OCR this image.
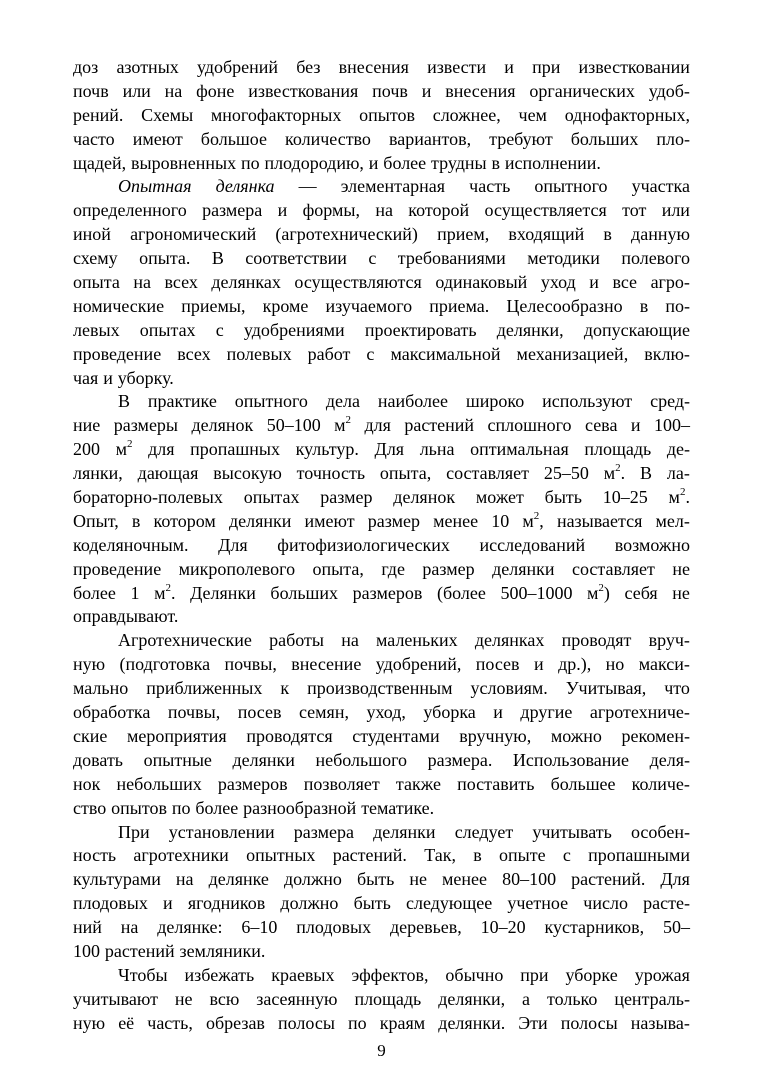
доз азотных удобрений без внесения извести и при известковании
почв или на фоне известкования почв и внесения органических удоб-
рений. Схемы многофакторных опытов сложнее, чем однофакторных,
часто имеют большое количество вариантов, требуют больших пло-
щадей, выровненных по плодородию, и более трудны в исполнении.
Опытная делянка — элементарная часть опытного участка
определенного размера и формы, на которой осуществляется тот или
иной агрономический (агротехнический) прием, входящий в данную
схему опыта. В соответствии с требованиями методики полевого
опыта на всех делянках осуществляются одинаковый уход и все агро-
номические приемы, кроме изучаемого приема. Целесообразно в по-
левых опытах с удобрениями проектировать делянки, допускающие
проведение всех полевых работ с максимальной механизацией, вклю-
чая и уборку.
В практике опытного дела наиболее широко используют сред-
ние размеры делянок 50–100 $м^2$ для растений сплошного сева и 100–
200 $м^2$ для пропашных культур. Для льна оптимальная площадь де-
лянки, дающая высокую точность опыта, составляет 25–50 $м^2$. В ла-
бораторно-полевых опытах размер делянок может быть 10–25 $м^2$.
Опыт, в котором делянки имеют размер менее 10 $м^2$, называется мел-
коделяночным. Для фитофизиологических исследований возможно
проведение микрополевого опыта, где размер делянки составляет не
более 1 $м^2$. Делянки больших размеров (более 500–1000 $м^2$) себя не
оправдывают.
Агротехнические работы на маленьких делянках проводят вруч-
ную (подготовка почвы, внесение удобрений, посев и др.), но макси-
мально приближенных к производственным условиям. Учитывая, что
обработка почвы, посев семян, уход, уборка и другие агротехниче-
ские мероприятия проводятся студентами вручную, можно рекомен-
довать опытные делянки небольшого размера. Использование деля-
нок небольших размеров позволяет также поставить большее количе-
ство опытов по более разнообразной тематике.
При установлении размера делянки следует учитывать особен-
ность агротехники опытных растений. Так, в опыте с пропашными
культурами на делянке должно быть не менее 80–100 растений. Для
плодовых и ягодников должно быть следующее учетное число расте-
ний на делянке: 6–10 плодовых деревьев, 10–20 кустарников, 50–
100 растений земляники.
Чтобы избежать краевых эффектов, обычно при уборке урожая
учитывают не всю засеянную площадь делянки, а только централь-
ную её часть, обрезав полосы по краям делянки. Эти полосы называ-
9
